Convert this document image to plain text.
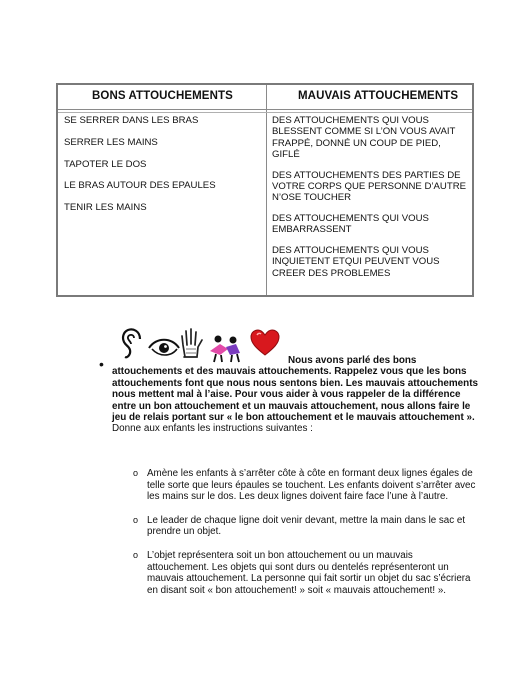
BONS ATTOUCHEMENTS	MAUVAIS ATTOUCHEMENTS
SE SERRER DANS LES BRAS
SERRER LES MAINS
TAPOTER LE DOS
LE BRAS AUTOUR DES EPAULES
TENIR LES MAINS
DES ATTOUCHEMENTS QUI VOUS BLESSENT COMME SI L’ON VOUS AVAIT FRAPPÉ, DONNÉ UN COUP DE PIED, GIFLÉ
DES ATTOUCHEMENTS DES PARTIES DE VOTRE CORPS QUE PERSONNE D’AUTRE N’OSE TOUCHER
DES ATTOUCHEMENTS QUI VOUS EMBARRASSENT
DES ATTOUCHEMENTS QUI VOUS INQUIETENT ETQUI PEUVENT VOUS CREER DES PROBLEMES
•	Nous avons parlé des bons
attouchements et des mauvais attouchements. Rappelez vous que les bons attouchements font que nous nous sentons bien. Les mauvais attouchements nous mettent mal à l’aise. Pour vous aider à vous rappeler de la différence entre un bon attouchement et un mauvais attouchement, nous allons faire le jeu de relais portant sur « le bon attouchement et le mauvais attouchement ». Donne aux enfants les instructions suivantes :
o Amène les enfants à s’arrêter côte à côte en formant deux lignes égales de telle sorte que leurs épaules se touchent. Les enfants doivent s’arrêter avec les mains sur le dos. Les deux lignes doivent faire face l’une à l’autre.
o Le leader de chaque ligne doit venir devant, mettre la main dans le sac et prendre un objet.
o L’objet représentera soit un bon attouchement ou un mauvais attouchement. Les objets qui sont durs ou dentelés représenteront un mauvais attouchement. La personne qui fait sortir un objet du sac s’écriera en disant soit « bon attouchement! » soit « mauvais attouchement! ».
